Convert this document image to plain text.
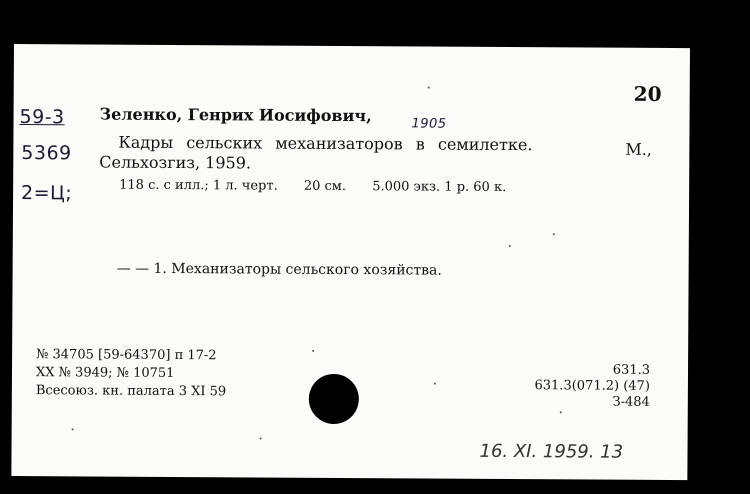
20
59-3
5369
2=Ц;
1905
Зеленко, Генрих Иосифович,
Кадры сельских механизаторов в семилетке.	М.,
Сельхозгиз, 1959.
118 с. с илл.; 1 л. черт. 20 см. 5.000 экз. 1 р. 60 к.
— — 1. Механизаторы сельского хозяйства.
№ 34705 [59-64370] п 17-2
XX № 3949; № 10751
Всесоюз. кн. палата 3 XI 59
631.3
631.3(071.2) (47)
З-484
16. XI. 1959. 13
